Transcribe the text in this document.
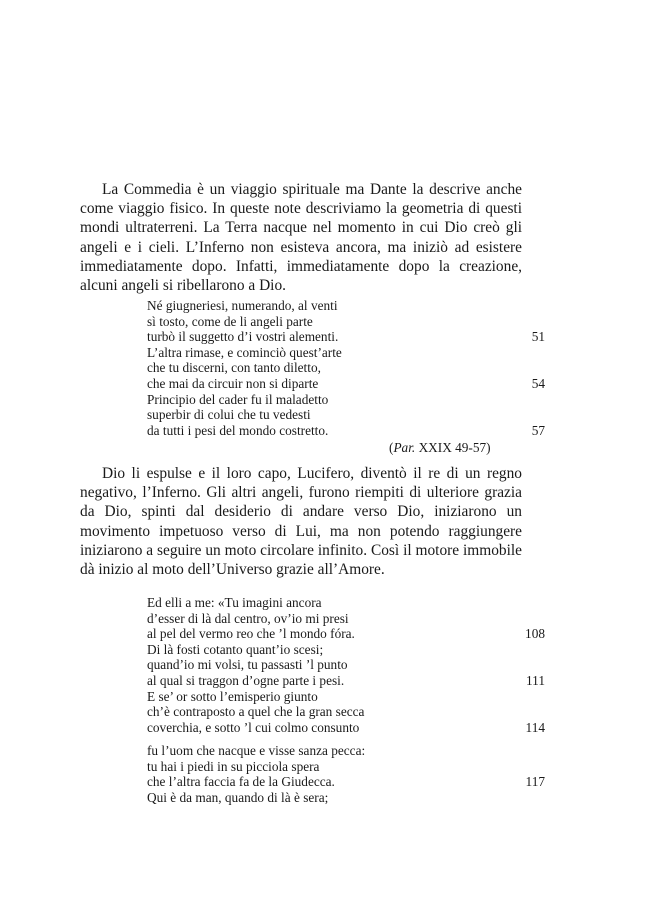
La Commedia è un viaggio spirituale ma Dante la descrive anche come viaggio fisico. In queste note descriviamo la geometria di questi mondi ultraterreni. La Terra nacque nel momento in cui Dio creò gli angeli e i cieli. L’Inferno non esisteva ancora, ma iniziò ad esistere immediatamente dopo. Infatti, immediatamente dopo la creazione, alcuni angeli si ribellarono a Dio.

Né giugneriesi, numerando, al venti
sì tosto, come de li angeli parte
turbò il suggetto d’i vostri alementi.	51
L’altra rimase, e cominciò quest’arte
che tu discerni, con tanto diletto,
che mai da circuir non si diparte	54
Principio del cader fu il maladetto
superbir di colui che tu vedesti
da tutti i pesi del mondo costretto.	57
(Par. XXIX 49-57)

Dio li espulse e il loro capo, Lucifero, diventò il re di un regno negativo, l’Inferno. Gli altri angeli, furono riempiti di ulteriore grazia da Dio, spinti dal desiderio di andare verso Dio, iniziarono un movimento impetuoso verso di Lui, ma non potendo raggiungere iniziarono a seguire un moto circolare infinito. Così il motore immobile dà inizio al moto dell’Universo grazie all’Amore.

Ed elli a me: «Tu imagini ancora
d’esser di là dal centro, ov’io mi presi
al pel del vermo reo che ’l mondo fóra.	108
Di là fosti cotanto quant’io scesi;
quand’io mi volsi, tu passasti ’l punto
al qual si traggon d’ogne parte i pesi.	111
E se’ or sotto l’emisperio giunto
ch’è contraposto a quel che la gran secca
coverchia, e sotto ’l cui colmo consunto	114
fu l’uom che nacque e visse sanza pecca:
tu hai i piedi in su picciola spera
che l’altra faccia fa de la Giudecca.	117
Qui è da man, quando di là è sera;
